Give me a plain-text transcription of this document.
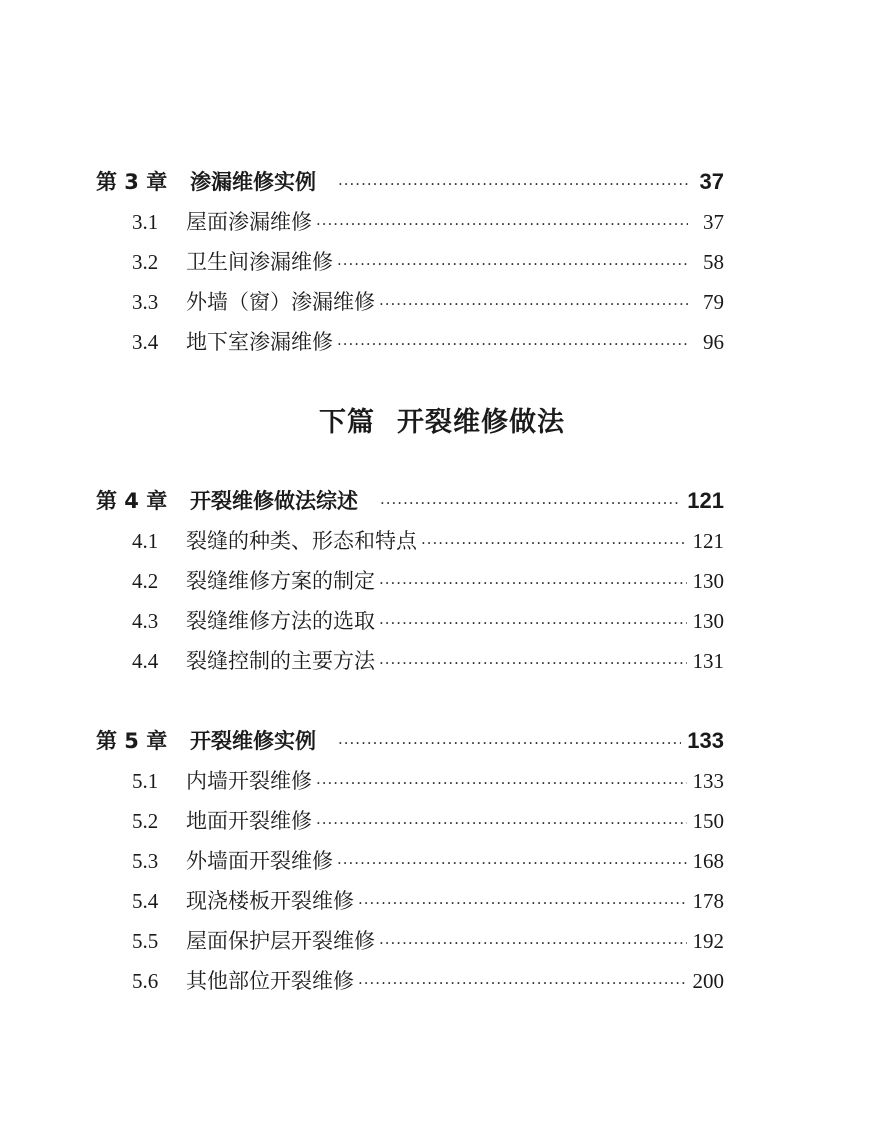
第 3 章	渗漏维修实例 ·····	37
3.1	屋面渗漏维修 ·····	37
3.2	卫生间渗漏维修 ·····	58
3.3	外墙（窗）渗漏维修 ·····	79
3.4	地下室渗漏维修 ·····	96
下篇 开裂维修做法
第 4 章	开裂维修做法综述 ·····	121
4.1	裂缝的种类、形态和特点 ·····	121
4.2	裂缝维修方案的制定 ·····	130
4.3	裂缝维修方法的选取 ·····	130
4.4	裂缝控制的主要方法 ·····	131
第 5 章	开裂维修实例 ·····	133
5.1	内墙开裂维修 ·····	133
5.2	地面开裂维修 ·····	150
5.3	外墙面开裂维修 ·····	168
5.4	现浇楼板开裂维修 ·····	178
5.5	屋面保护层开裂维修 ·····	192
5.6	其他部位开裂维修 ·····	200
